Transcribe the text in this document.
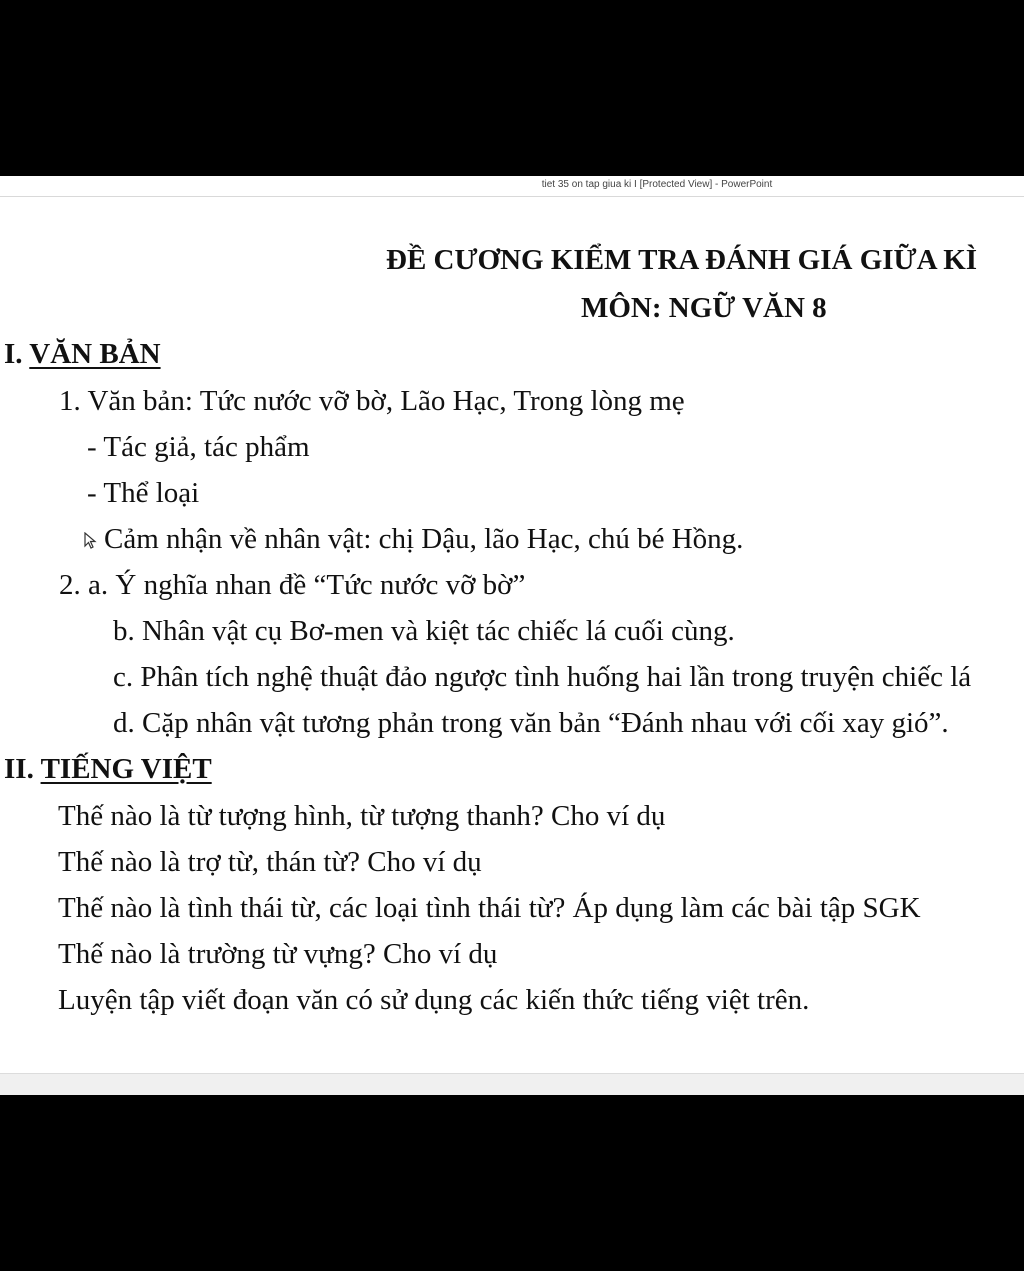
tiet 35 on tap giua ki I [Protected View] - PowerPoint
ĐỀ CƯƠNG KIỂM TRA ĐÁNH GIÁ GIỮA KÌ
MÔN: NGỮ VĂN 8
I. VĂN BẢN
1. Văn bản: Tức nước vỡ bờ, Lão Hạc, Trong lòng mẹ
- Tác giả, tác phẩm
- Thể loại
Cảm nhận về nhân vật: chị Dậu, lão Hạc, chú bé Hồng.
2. a. Ý nghĩa nhan đề “Tức nước vỡ bờ”
b. Nhân vật cụ Bơ-men và kiệt tác chiếc lá cuối cùng.
c. Phân tích nghệ thuật đảo ngược tình huống hai lần trong truyện chiếc lá
d. Cặp nhân vật tương phản trong văn bản “Đánh nhau với cối xay gió”.
II. TIẾNG VIỆT
Thế nào là từ tượng hình, từ tượng thanh? Cho ví dụ
Thế nào là trợ từ, thán từ? Cho ví dụ
Thế nào là tình thái từ, các loại tình thái từ? Áp dụng làm các bài tập SGK
Thế nào là trường từ vựng? Cho ví dụ
Luyện tập viết đoạn văn có sử dụng các kiến thức tiếng việt trên.
